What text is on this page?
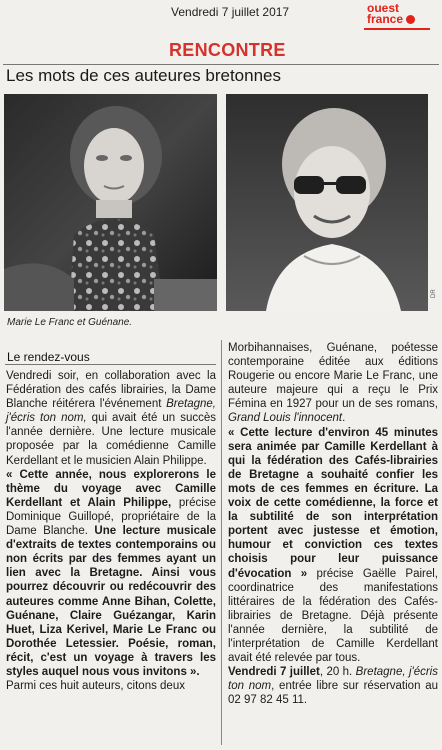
Vendredi 7 juillet 2017	ouest
france
RENCONTRE
Les mots de ces auteures bretonnes
Marie Le Franc et Guénane.
DR
Le rendez-vous

Vendredi soir, en collaboration avec la Fédération des cafés librairies, la Dame Blanche réitérera l'événement Bretagne, j'écris ton nom, qui avait été un succès l'année dernière. Une lecture musicale proposée par la comédienne Camille Kerdellant et le musicien Alain Philippe.

« Cette année, nous explorerons le thème du voyage avec Camille Kerdellant et Alain Philippe, précise Dominique Guillopé, propriétaire de la Dame Blanche. Une lecture musicale d'extraits de textes contemporains ou non écrits par des femmes ayant un lien avec la Bretagne. Ainsi vous pourrez découvrir ou redécouvrir des auteures comme Anne Bihan, Colette, Guénane, Claire Guézangar, Karin Huet, Liza Kerivel, Marie Le Franc ou Dorothée Letessier. Poésie, roman, récit, c'est un voyage à travers les styles auquel nous vous invitons ».

Parmi ces huit auteurs, citons deux

Morbihannaises, Guénane, poétesse contemporaine éditée aux éditions Rougerie ou encore Marie Le Franc, une auteure majeure qui a reçu le Prix Fémina en 1927 pour un de ses romans, Grand Louis l'innocent.

« Cette lecture d'environ 45 minutes sera animée par Camille Kerdellant à qui la fédération des Cafés-librairies de Bretagne a souhaité confier les mots de ces femmes en écriture. La voix de cette comédienne, la force et la subtilité de son interprétation portent avec justesse et émotion, humour et conviction ces textes choisis pour leur puissance d'évocation » précise Gaëlle Pairel, coordinatrice des manifestations littéraires de la fédération des Cafés-librairies de Bretagne. Déjà présente l'année dernière, la subtilité de l'interprétation de Camille Kerdellant avait été relevée par tous.

Vendredi 7 juillet, 20 h. Bretagne, j'écris ton nom, entrée libre sur réservation au 02 97 82 45 11.
